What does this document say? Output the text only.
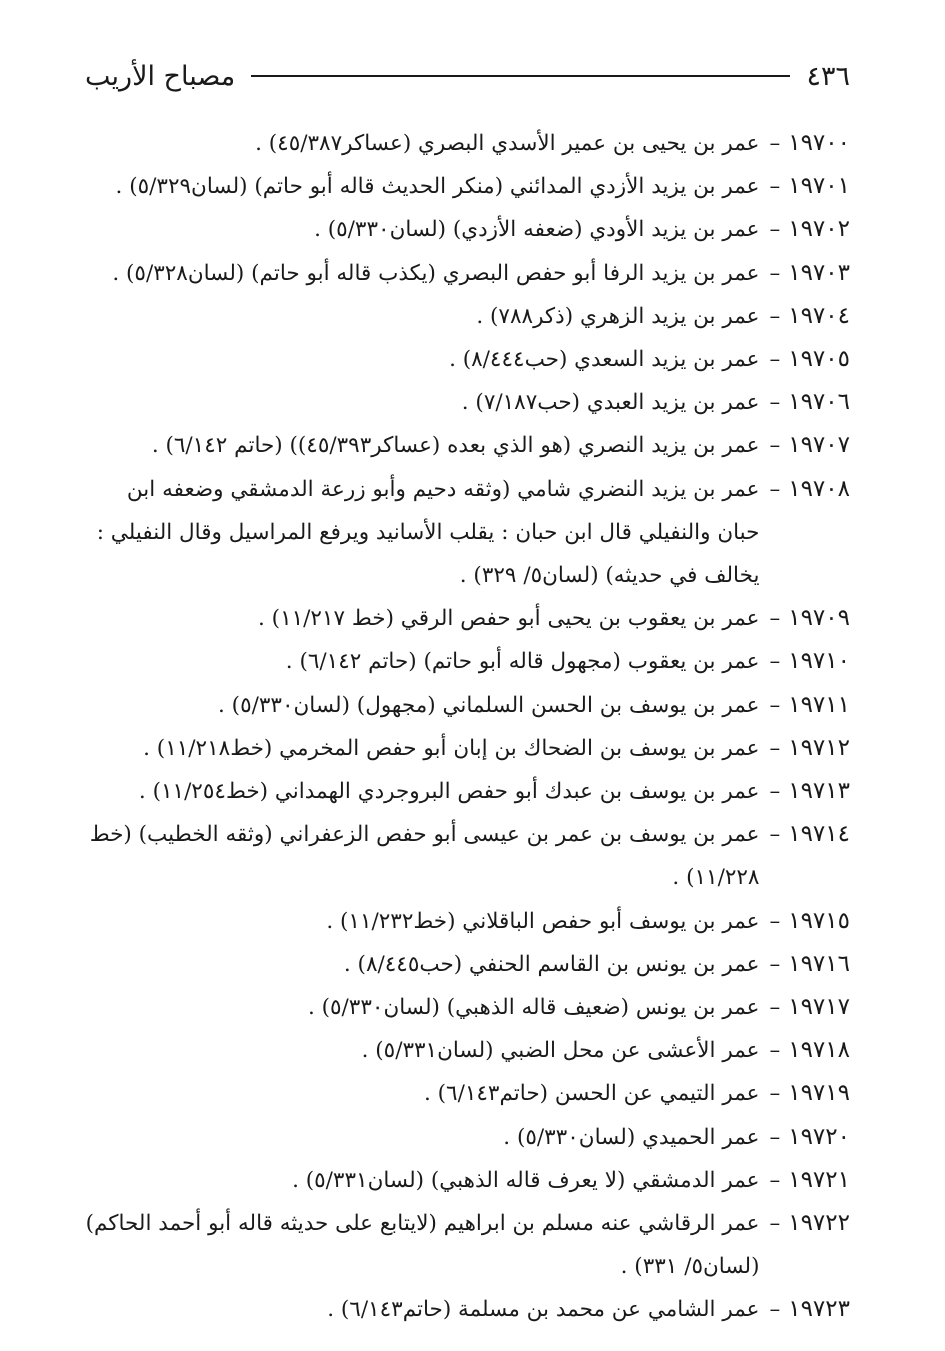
٤٣٦
مصباح الأريب
١٩٧٠٠
–
عمر بن يحيى بن عمير الأسدي البصري (عساكر٤٥/٣٨٧) .
١٩٧٠١
–
عمر بن يزيد الأزدي المدائني (منكر الحديث قاله أبو حاتم) (لسان٥/٣٢٩) .
١٩٧٠٢
–
عمر بن يزيد الأودي (ضعفه الأزدي) (لسان٥/٣٣٠) .
١٩٧٠٣
–
عمر بن يزيد الرفا أبو حفص البصري (يكذب قاله أبو حاتم) (لسان٥/٣٢٨) .
١٩٧٠٤
–
عمر بن يزيد الزهري (ذكر٧٨٨) .
١٩٧٠٥
–
عمر بن يزيد السعدي (حب٨/٤٤٤) .
١٩٧٠٦
–
عمر بن يزيد العبدي (حب٧/١٨٧) .
١٩٧٠٧
–
عمر بن يزيد النصري (هو الذي بعده (عساكر٤٥/٣٩٣)) (حاتم ٦/١٤٢) .
١٩٧٠٨
–
عمر بن يزيد النضري شامي (وثقه دحيم وأبو زرعة الدمشقي وضعفه ابن حبان والنفيلي قال ابن حبان : يقلب الأسانيد ويرفع المراسيل وقال النفيلي : يخالف في حديثه) (لسان٥/ ٣٢٩) .
١٩٧٠٩
–
عمر بن يعقوب بن يحيى أبو حفص الرقي (خط ١١/٢١٧) .
١٩٧١٠
–
عمر بن يعقوب (مجهول قاله أبو حاتم) (حاتم ٦/١٤٢) .
١٩٧١١
–
عمر بن يوسف بن الحسن السلماني (مجهول) (لسان٥/٣٣٠) .
١٩٧١٢
–
عمر بن يوسف بن الضحاك بن إبان أبو حفص المخرمي (خط١١/٢١٨) .
١٩٧١٣
–
عمر بن يوسف بن عبدك أبو حفص البروجردي الهمداني (خط١١/٢٥٤) .
١٩٧١٤
–
عمر بن يوسف بن عمر بن عيسى أبو حفص الزعفراني (وثقه الخطيب) (خط ١١/٢٢٨) .
١٩٧١٥
–
عمر بن يوسف أبو حفص الباقلاني (خط١١/٢٣٢) .
١٩٧١٦
–
عمر بن يونس بن القاسم الحنفي (حب٨/٤٤٥) .
١٩٧١٧
–
عمر بن يونس (ضعيف قاله الذهبي) (لسان٥/٣٣٠) .
١٩٧١٨
–
عمر الأعشى عن محل الضبي (لسان٥/٣٣١) .
١٩٧١٩
–
عمر التيمي عن الحسن (حاتم٦/١٤٣) .
١٩٧٢٠
–
عمر الحميدي (لسان٥/٣٣٠) .
١٩٧٢١
–
عمر الدمشقي (لا يعرف قاله الذهبي) (لسان٥/٣٣١) .
١٩٧٢٢
–
عمر الرقاشي عنه مسلم بن ابراهيم (لايتابع على حديثه قاله أبو أحمد الحاكم) (لسان٥/ ٣٣١) .
١٩٧٢٣
–
عمر الشامي عن محمد بن مسلمة (حاتم٦/١٤٣) .
